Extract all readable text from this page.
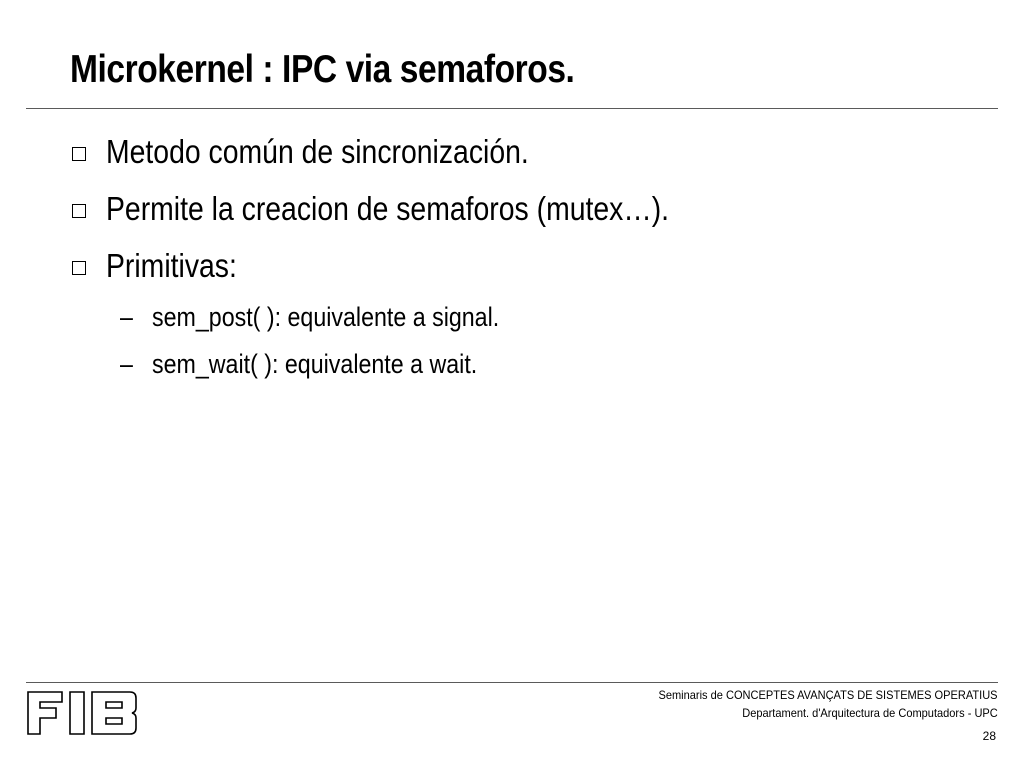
Microkernel : IPC via semaforos.
Metodo común de sincronización.
Permite la creacion de semaforos (mutex…).
Primitivas:
– sem_post( ): equivalente a signal.
– sem_wait( ): equivalente a wait.
Seminaris de CONCEPTES AVANÇATS DE SISTEMES OPERATIUS
Departament. d'Arquitectura de Computadors - UPC
28
